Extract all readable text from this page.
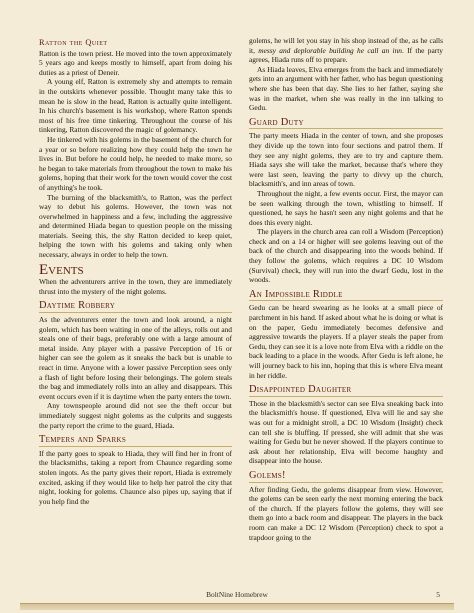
Ratton the Quiet

Ratton is the town priest. He moved into the town approximately 5 years ago and keeps mostly to himself, apart from doing his duties as a priest of Deneir.

A young elf, Ratton is extremely shy and attempts to remain in the outskirts whenever possible. Thought many take this to mean he is slow in the head, Ratton is actually quite intelligent. In his church's basement is his workshop, where Ratton spends most of his free time tinkering. Throughout the course of his tinkering, Ratton discovered the magic of golemancy.

He tinkered with his golems in the basement of the church for a year or so before realizing how they could help the town he lives in. But before he could help, he needed to make more, so he began to take materials from throughout the town to make his golems, hoping that their work for the town would cover the cost of anything's he took.

The burning of the blacksmith's, to Ratton, was the perfect way to debut his golems. However, the town was not overwhelmed in happiness and a few, including the aggressive and determined Hiada began to question people on the missing materials. Seeing this, the shy Ratton decided to keep quiet, helping the town with his golems and taking only when necessary, always in order to help the town.

Events

When the adventurers arrive in the town, they are immediately thrust into the mystery of the night golems.

Daytime Robbery

As the adventurers enter the town and look around, a night golem, which has been waiting in one of the alleys, rolls out and steals one of their bags, preferably one with a large amount of metal inside. Any player with a passive Perception of 16 or higher can see the golem as it sneaks the back but is unable to react in time. Anyone with a lower passive Perception sees only a flash of light before losing their belongings. The golem steals the bag and immediately rolls into an alley and disappears. This event occurs even if it is daytime when the party enters the town.

Any townspeople around did not see the theft occur but immediately suggest night golems as the culprits and suggests the party report the crime to the guard, Hiada.

Tempers and Sparks

If the party goes to speak to Hiada, they will find her in front of the blacksmiths, taking a report from Chaunce regarding some stolen ingots. As the party gives their report, Hiada is extremely excited, asking if they would like to help her patrol the city that night, looking for golems. Chaunce also pipes up, saying that if you help find the

golems, he will let you stay in his shop instead of the, as he calls it, messy and deplorable building he call an inn. If the party agrees, Hiada runs off to prepare.

As Hiada leaves, Elva emerges from the back and immediately gets into an argument with her father, who has begun questioning where she has been that day. She lies to her father, saying she was in the market, when she was really in the inn talking to Gedu.

Guard Duty

The party meets Hiada in the center of town, and she proposes they divide up the town into four sections and patrol them. If they see any night golems, they are to try and capture them. Hiada says she will take the market, because that's where they were last seen, leaving the party to divvy up the church, blacksmith's, and inn areas of town.

Throughout the night, a few events occur. First, the mayor can be seen walking through the town, whistling to himself. If questioned, he says he hasn't seen any night golems and that he does this every night.

The players in the church area can roll a Wisdom (Perception) check and on a 14 or higher will see golems leaving out of the back of the church and disappearing into the woods behind. If they follow the golems, which requires a DC 10 Wisdom (Survival) check, they will run into the dwarf Gedu, lost in the woods.

An Impossible Riddle

Gedu can be heard swearing as he looks at a small piece of parchment in his hand. If asked about what he is doing or what is on the paper, Gedu immediately becomes defensive and aggressive towards the players. If a player steals the paper from Gedu, they can see it is a love note from Elva with a riddle on the back leading to a place in the woods. After Gedu is left alone, he will journey back to his inn, hoping that this is where Elva meant in her riddle.

Disappointed Daughter

Those in the blacksmith's sector can see Elva sneaking back into the blacksmith's house. If questioned, Elva will lie and say she was out for a midnight stroll, a DC 10 Wisdom (Insight) check can tell she is bluffing. If pressed, she will admit that she was waiting for Gedu but he never showed. If the players continue to ask about her relationship, Elva will become haughty and disappear into the house.

Golems!

After finding Gedu, the golems disappear from view. However, the golems can be seen early the next morning entering the back of the church. If the players follow the golems, they will see them go into a back room and disappear. The players in the back room can make a DC 12 Wisdom (Perception) check to spot a trapdoor going to the

BoltNine Homebrew	5
